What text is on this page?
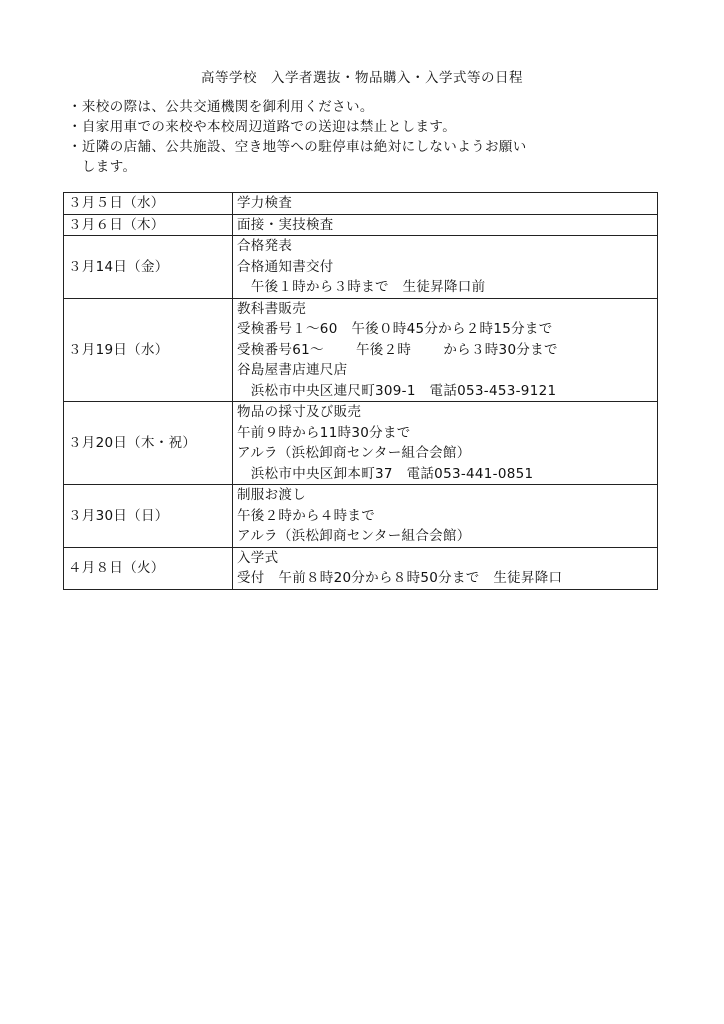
高等学校　入学者選抜・物品購入・入学式等の日程
・来校の際は、公共交通機関を御利用ください。
・自家用車での来校や本校周辺道路での送迎は禁止とします。
・近隣の店舗、公共施設、空き地等への駐停車は絶対にしないようお願い
　します。
３月５日（水）	学力検査

３月６日（木）	面接・実技検査

３月14日（金）	合格発表
合格通知書交付
　午後１時から３時まで　生徒昇降口前

３月19日（水）	教科書販売
受検番号１～60　午後０時45分から２時15分まで
受検番号61～　　 午後２時　　 から３時30分まで
谷島屋書店連尺店
　浜松市中央区連尺町309-1　電話053-453-9121

３月20日（木・祝）	物品の採寸及び販売
午前９時から11時30分まで
アルラ（浜松卸商センター組合会館）
　浜松市中央区卸本町37　電話053-441-0851

３月30日（日）	制服お渡し
午後２時から４時まで
アルラ（浜松卸商センター組合会館）

４月８日（火）	入学式
受付　午前８時20分から８時50分まで　生徒昇降口
